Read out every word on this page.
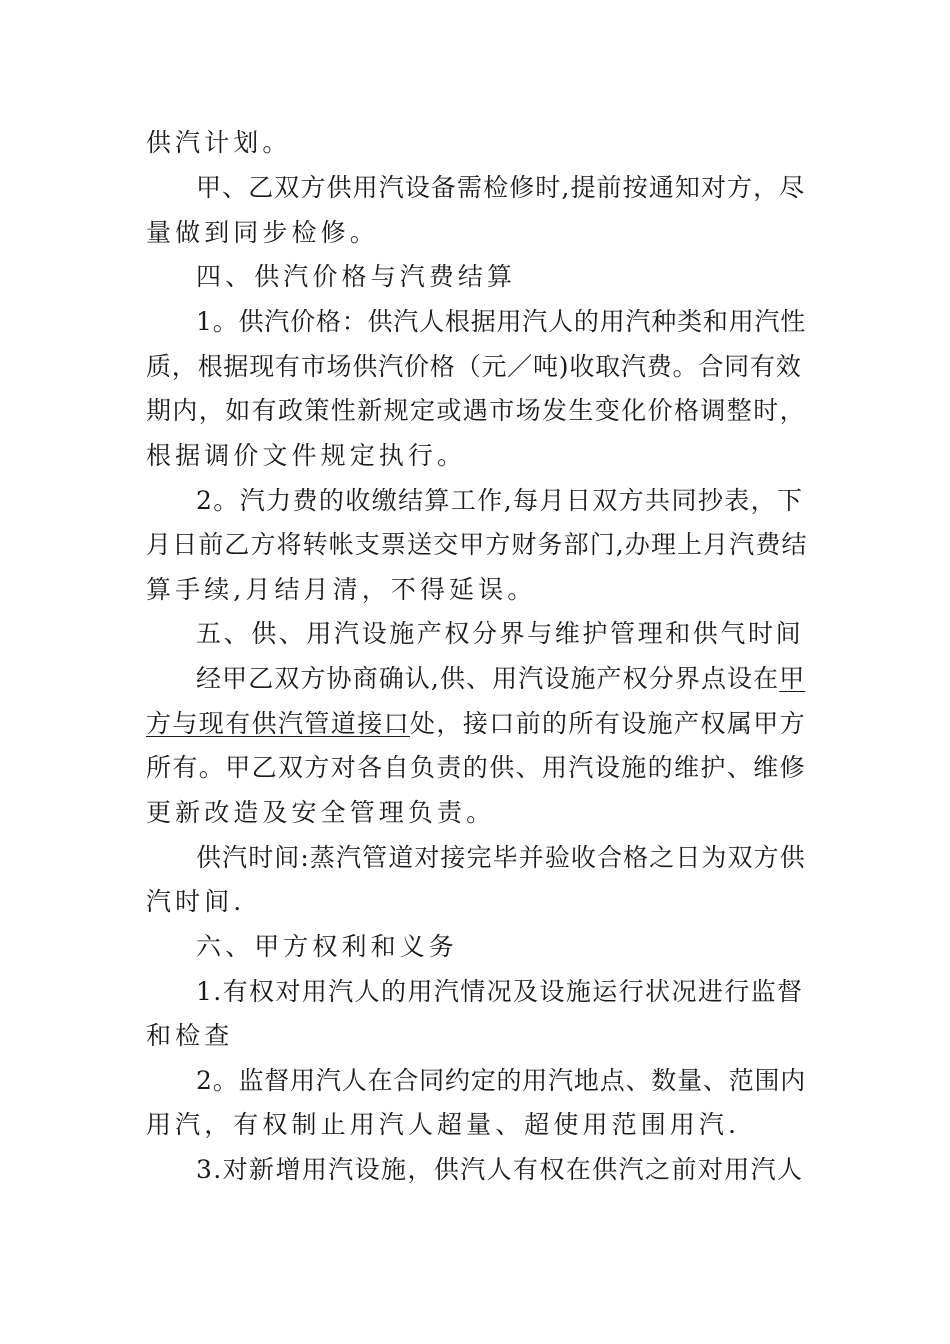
供汽计划。
甲、乙双方供用汽设备需检修时,提前按通知对方，尽
量做到同步检修。
四、供汽价格与汽费结算
1。供汽价格：供汽人根据用汽人的用汽种类和用汽性
质，根据现有市场供汽价格（元／吨)收取汽费。合同有效
期内，如有政策性新规定或遇市场发生变化价格调整时，
根据调价文件规定执行。
2。汽力费的收缴结算工作,每月日双方共同抄表，下
月日前乙方将转帐支票送交甲方财务部门,办理上月汽费结
算手续,月结月清，不得延误。
五、供、用汽设施产权分界与维护管理和供气时间
经甲乙双方协商确认,供、用汽设施产权分界点设在甲
方与现有供汽管道接口处，接口前的所有设施产权属甲方
所有。甲乙双方对各自负责的供、用汽设施的维护、维修
更新改造及安全管理负责。
供汽时间:蒸汽管道对接完毕并验收合格之日为双方供
汽时间.
六、甲方权利和义务
1.有权对用汽人的用汽情况及设施运行状况进行监督
和检查
2。监督用汽人在合同约定的用汽地点、数量、范围内
用汽，有权制止用汽人超量、超使用范围用汽.
3.对新增用汽设施，供汽人有权在供汽之前对用汽人
